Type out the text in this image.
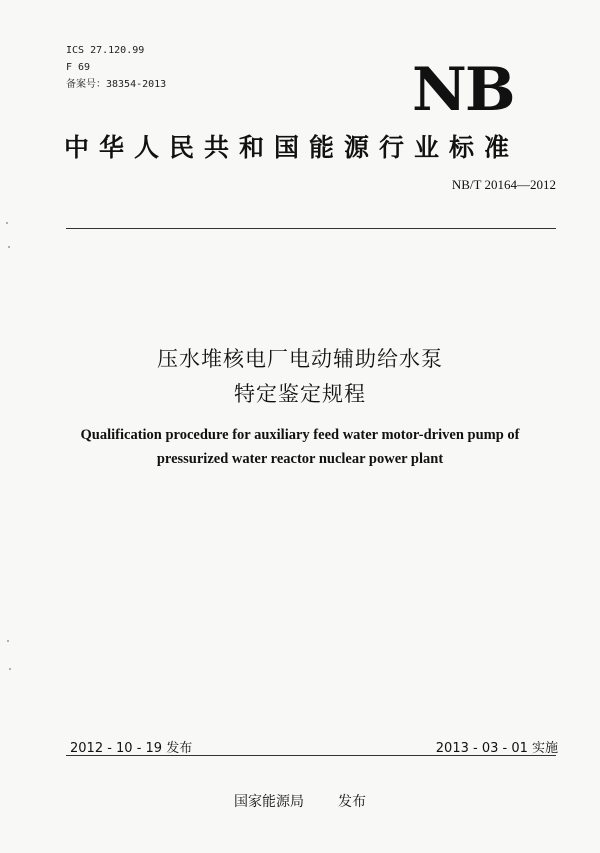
ICS 27.120.99
F 69
备案号：38354-2013	NB
中华人民共和国能源行业标准
NB/T 20164—2012
压水堆核电厂电动辅助给水泵
特定鉴定规程
Qualification procedure for auxiliary feed water motor-driven pump of
pressurized water reactor nuclear power plant
2012 - 10 - 19 发布	2013 - 03 - 01 实施
国家能源局 发布
